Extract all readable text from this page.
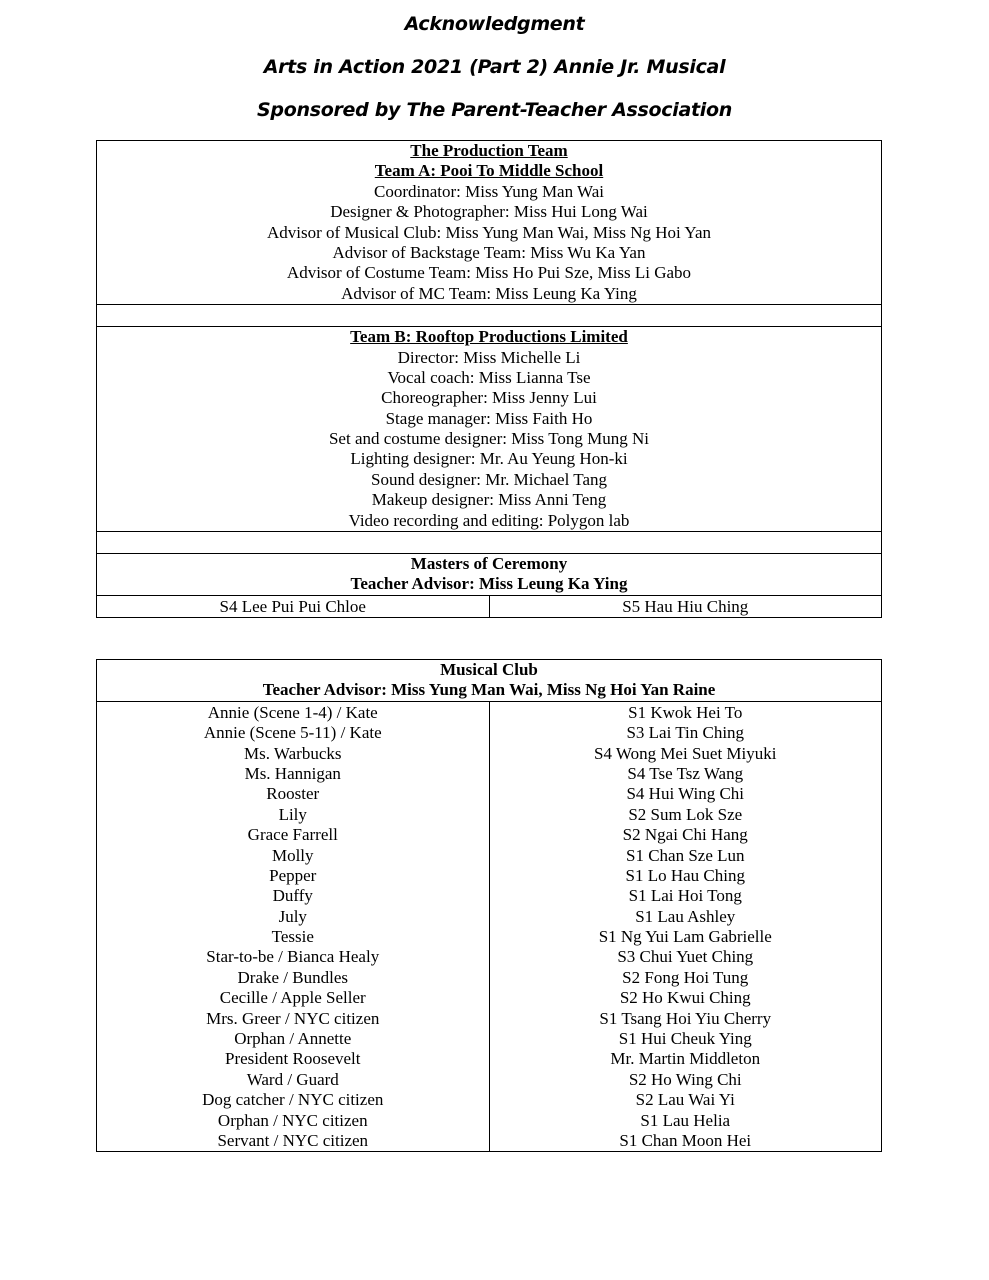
Acknowledgment
Arts in Action 2021 (Part 2) Annie Jr. Musical
Sponsored by The Parent-Teacher Association
The Production Team
Team A: Pooi To Middle School
Coordinator: Miss Yung Man Wai
Designer & Photographer: Miss Hui Long Wai
Advisor of Musical Club: Miss Yung Man Wai, Miss Ng Hoi Yan
Advisor of Backstage Team: Miss Wu Ka Yan
Advisor of Costume Team: Miss Ho Pui Sze, Miss Li Gabo
Advisor of MC Team: Miss Leung Ka Ying
Team B: Rooftop Productions Limited
Director: Miss Michelle Li
Vocal coach: Miss Lianna Tse
Choreographer: Miss Jenny Lui
Stage manager: Miss Faith Ho
Set and costume designer: Miss Tong Mung Ni
Lighting designer: Mr. Au Yeung Hon-ki
Sound designer: Mr. Michael Tang
Makeup designer: Miss Anni Teng
Video recording and editing: Polygon lab
Masters of Ceremony
Teacher Advisor: Miss Leung Ka Ying
S4 Lee Pui Pui Chloe	S5 Hau Hiu Ching
Musical Club
Teacher Advisor: Miss Yung Man Wai, Miss Ng Hoi Yan Raine
Annie (Scene 1-4) / Kate
Annie (Scene 5-11) / Kate
Ms. Warbucks
Ms. Hannigan
Rooster
Lily
Grace Farrell
Molly
Pepper
Duffy
July
Tessie
Star-to-be / Bianca Healy
Drake / Bundles
Cecille / Apple Seller
Mrs. Greer / NYC citizen
Orphan / Annette
President Roosevelt
Ward / Guard
Dog catcher / NYC citizen
Orphan / NYC citizen
Servant / NYC citizen
S1 Kwok Hei To
S3 Lai Tin Ching
S4 Wong Mei Suet Miyuki
S4 Tse Tsz Wang
S4 Hui Wing Chi
S2 Sum Lok Sze
S2 Ngai Chi Hang
S1 Chan Sze Lun
S1 Lo Hau Ching
S1 Lai Hoi Tong
S1 Lau Ashley
S1 Ng Yui Lam Gabrielle
S3 Chui Yuet Ching
S2 Fong Hoi Tung
S2 Ho Kwui Ching
S1 Tsang Hoi Yiu Cherry
S1 Hui Cheuk Ying
Mr. Martin Middleton
S2 Ho Wing Chi
S2 Lau Wai Yi
S1 Lau Helia
S1 Chan Moon Hei
